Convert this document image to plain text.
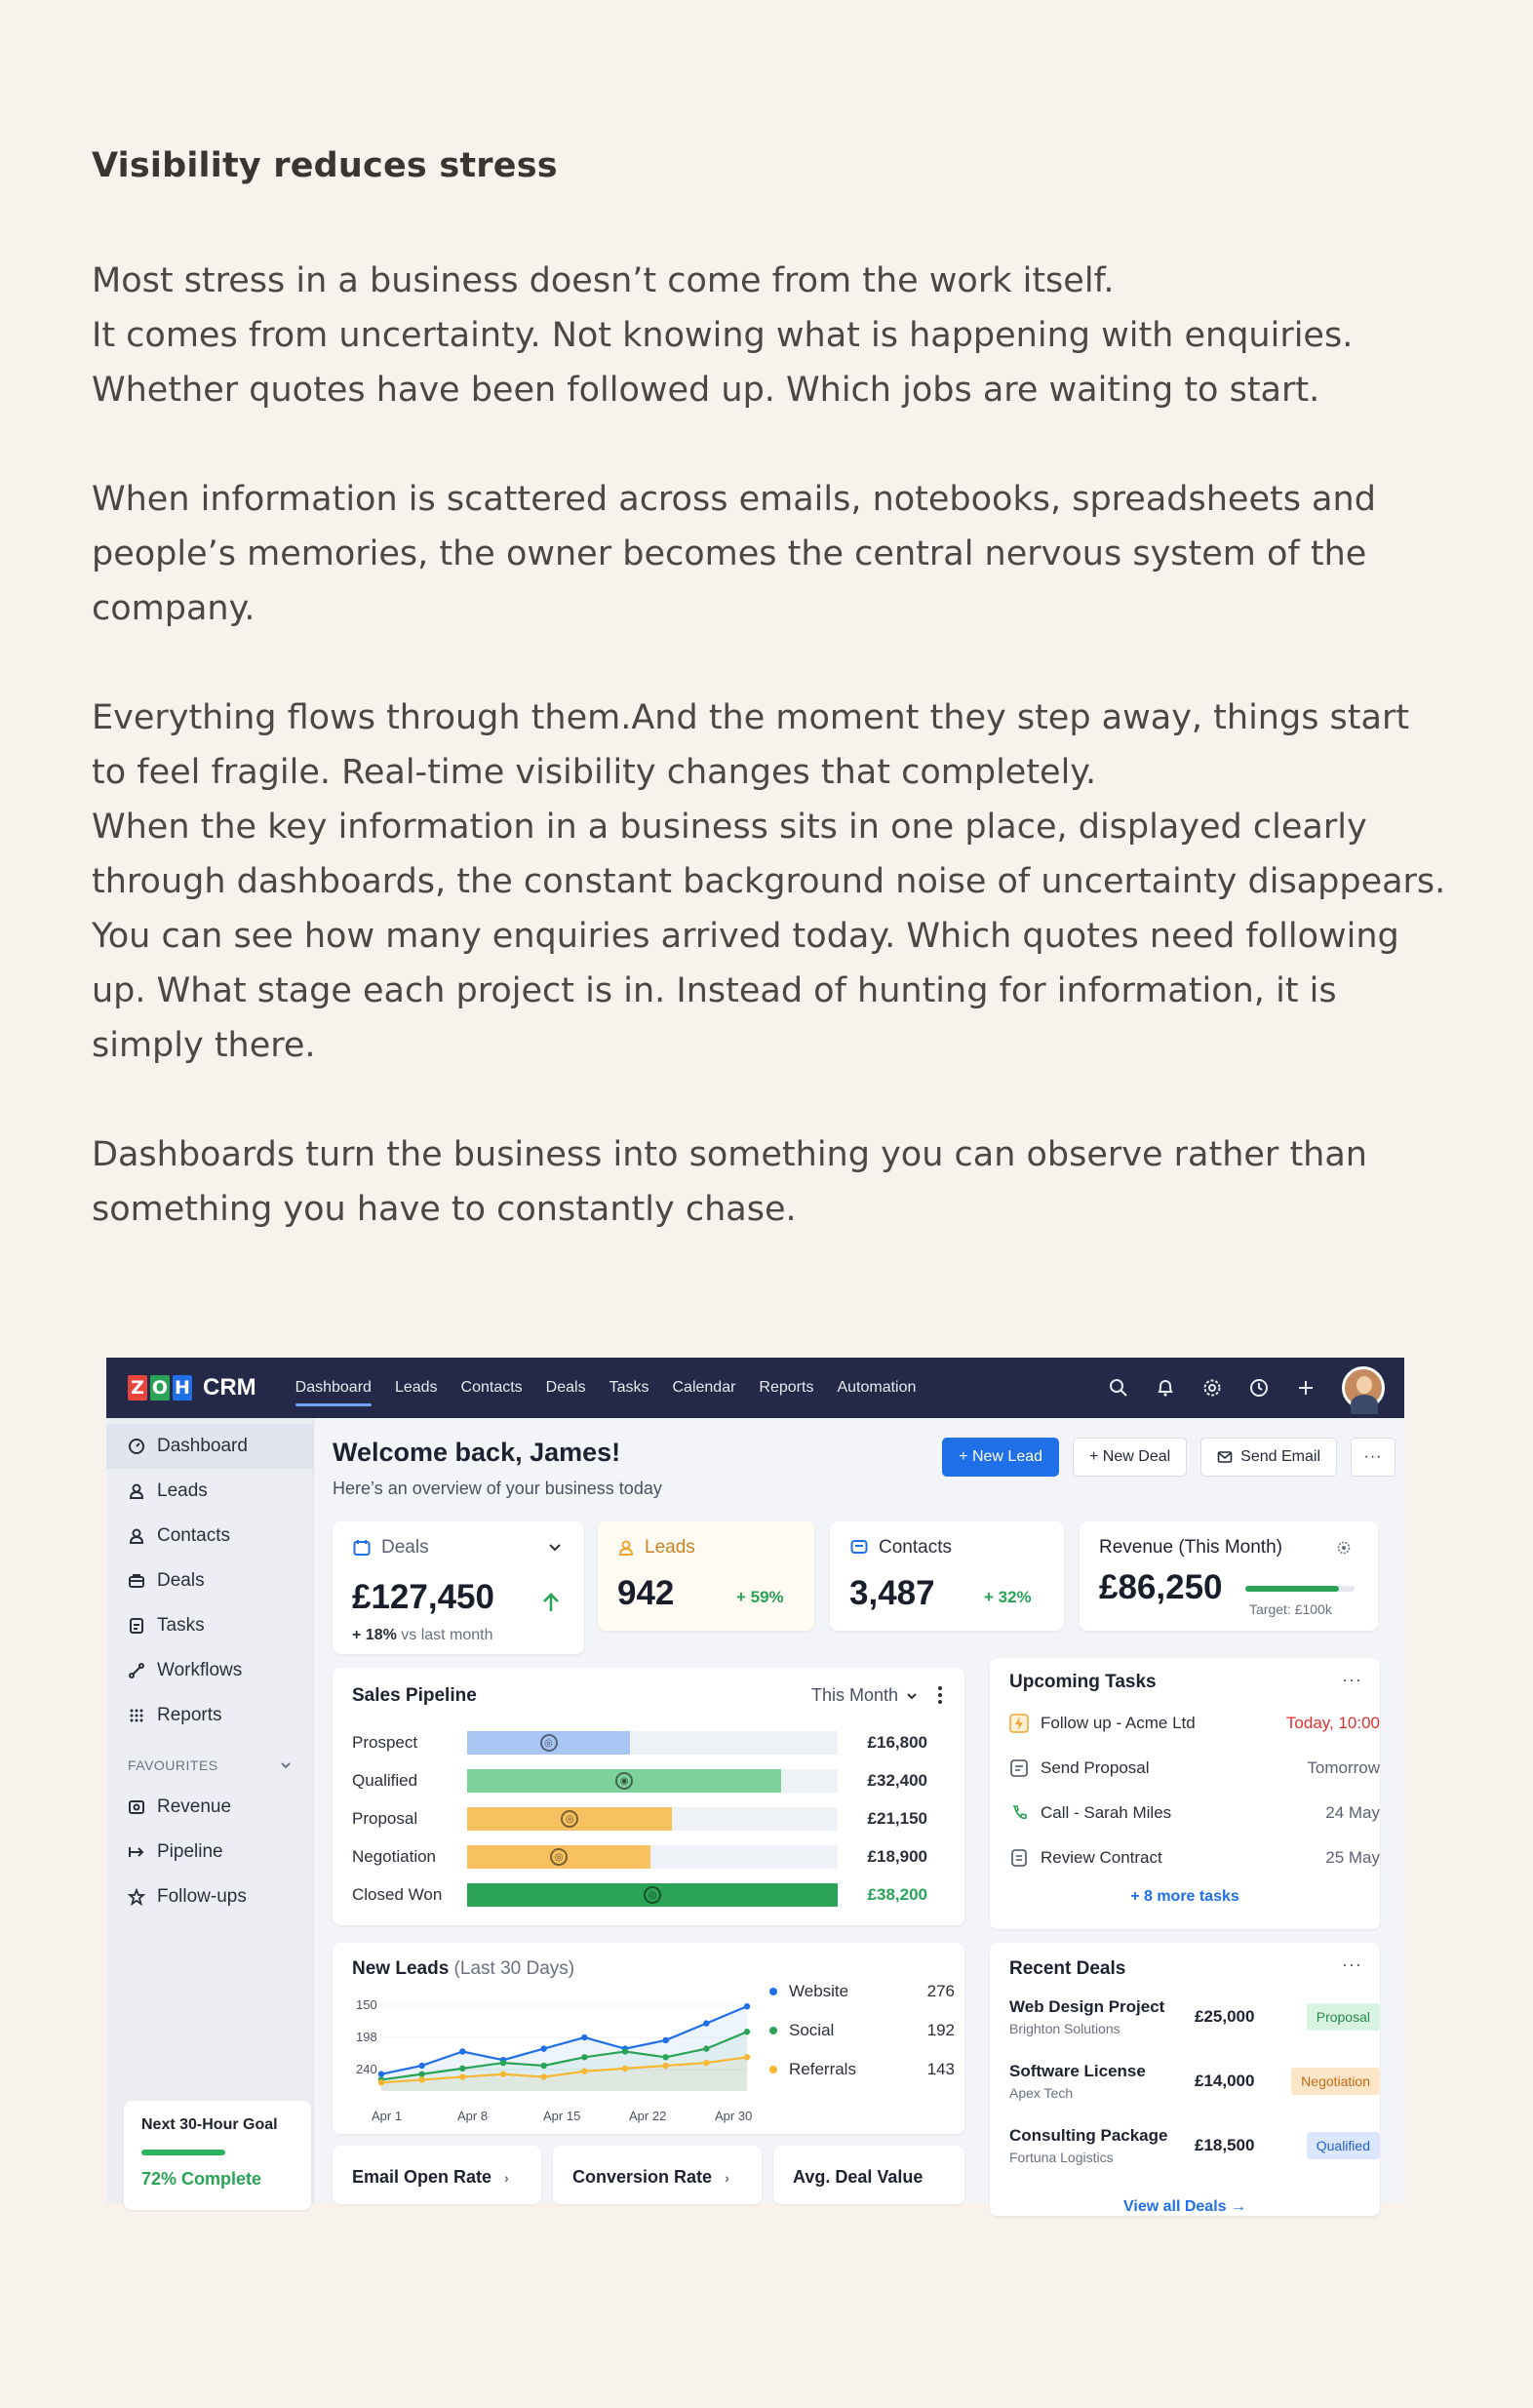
Visibility reduces stress
Most stress in a business doesn’t come from the work itself.
It comes from uncertainty. Not knowing what is happening with enquiries.
Whether quotes have been followed up. Which jobs are waiting to start.
When information is scattered across emails, notebooks, spreadsheets and
people’s memories, the owner becomes the central nervous system of the
company.
Everything flows through them.And the moment they step away, things start
to feel fragile. Real-time visibility changes that completely.
When the key information in a business sits in one place, displayed clearly
through dashboards, the constant background noise of uncertainty disappears.
You can see how many enquiries arrived today. Which quotes need following
up. What stage each project is in. Instead of hunting for information, it is
simply there.
Dashboards turn the business into something you can observe rather than
something you have to constantly chase.
Z O H CRM	Dashboard Leads Contacts Deals Tasks Calendar Reports Automation
Dashboard
Leads
Contacts
Deals
Tasks
Workflows
Reports
FAVOURITES
Revenue
Pipeline
Follow-ups
Next 30-Hour Goal
72% Complete
Welcome back, James!
Here’s an overview of your business today
+ New Lead	+ New Deal	Send Email	···
Deals
£127,450
+ 18% vs last month
Leads
942	+ 59%
Contacts
3,487	+ 32%
Revenue (This Month)
£86,250
Target: £100k
Sales Pipeline	This Month
Prospect	◎	£16,800
Qualified	◉	£32,400
Proposal	◎	£21,150
Negotiation	◎	£18,900
Closed Won	◎	£38,200
Upcoming Tasks	···
Follow up - Acme Ltd	Today, 10:00
Send Proposal	Tomorrow
Call - Sarah Miles	24 May
Review Contract	25 May
+ 8 more tasks
New Leads (Last 30 Days)
150
198
240
Apr 1	Apr 8	Apr 15	Apr 22	Apr 30
Website	276
Social	192
Referrals	143
Recent Deals	···
Web Design Project
Brighton Solutions
£25,000	Proposal
Software License
Apex Tech
£14,000	Negotiation
Consulting Package
Fortuna Logistics
£18,500	Qualified
View all Deals →
Email Open Rate ›	Conversion Rate ›	Avg. Deal Value
